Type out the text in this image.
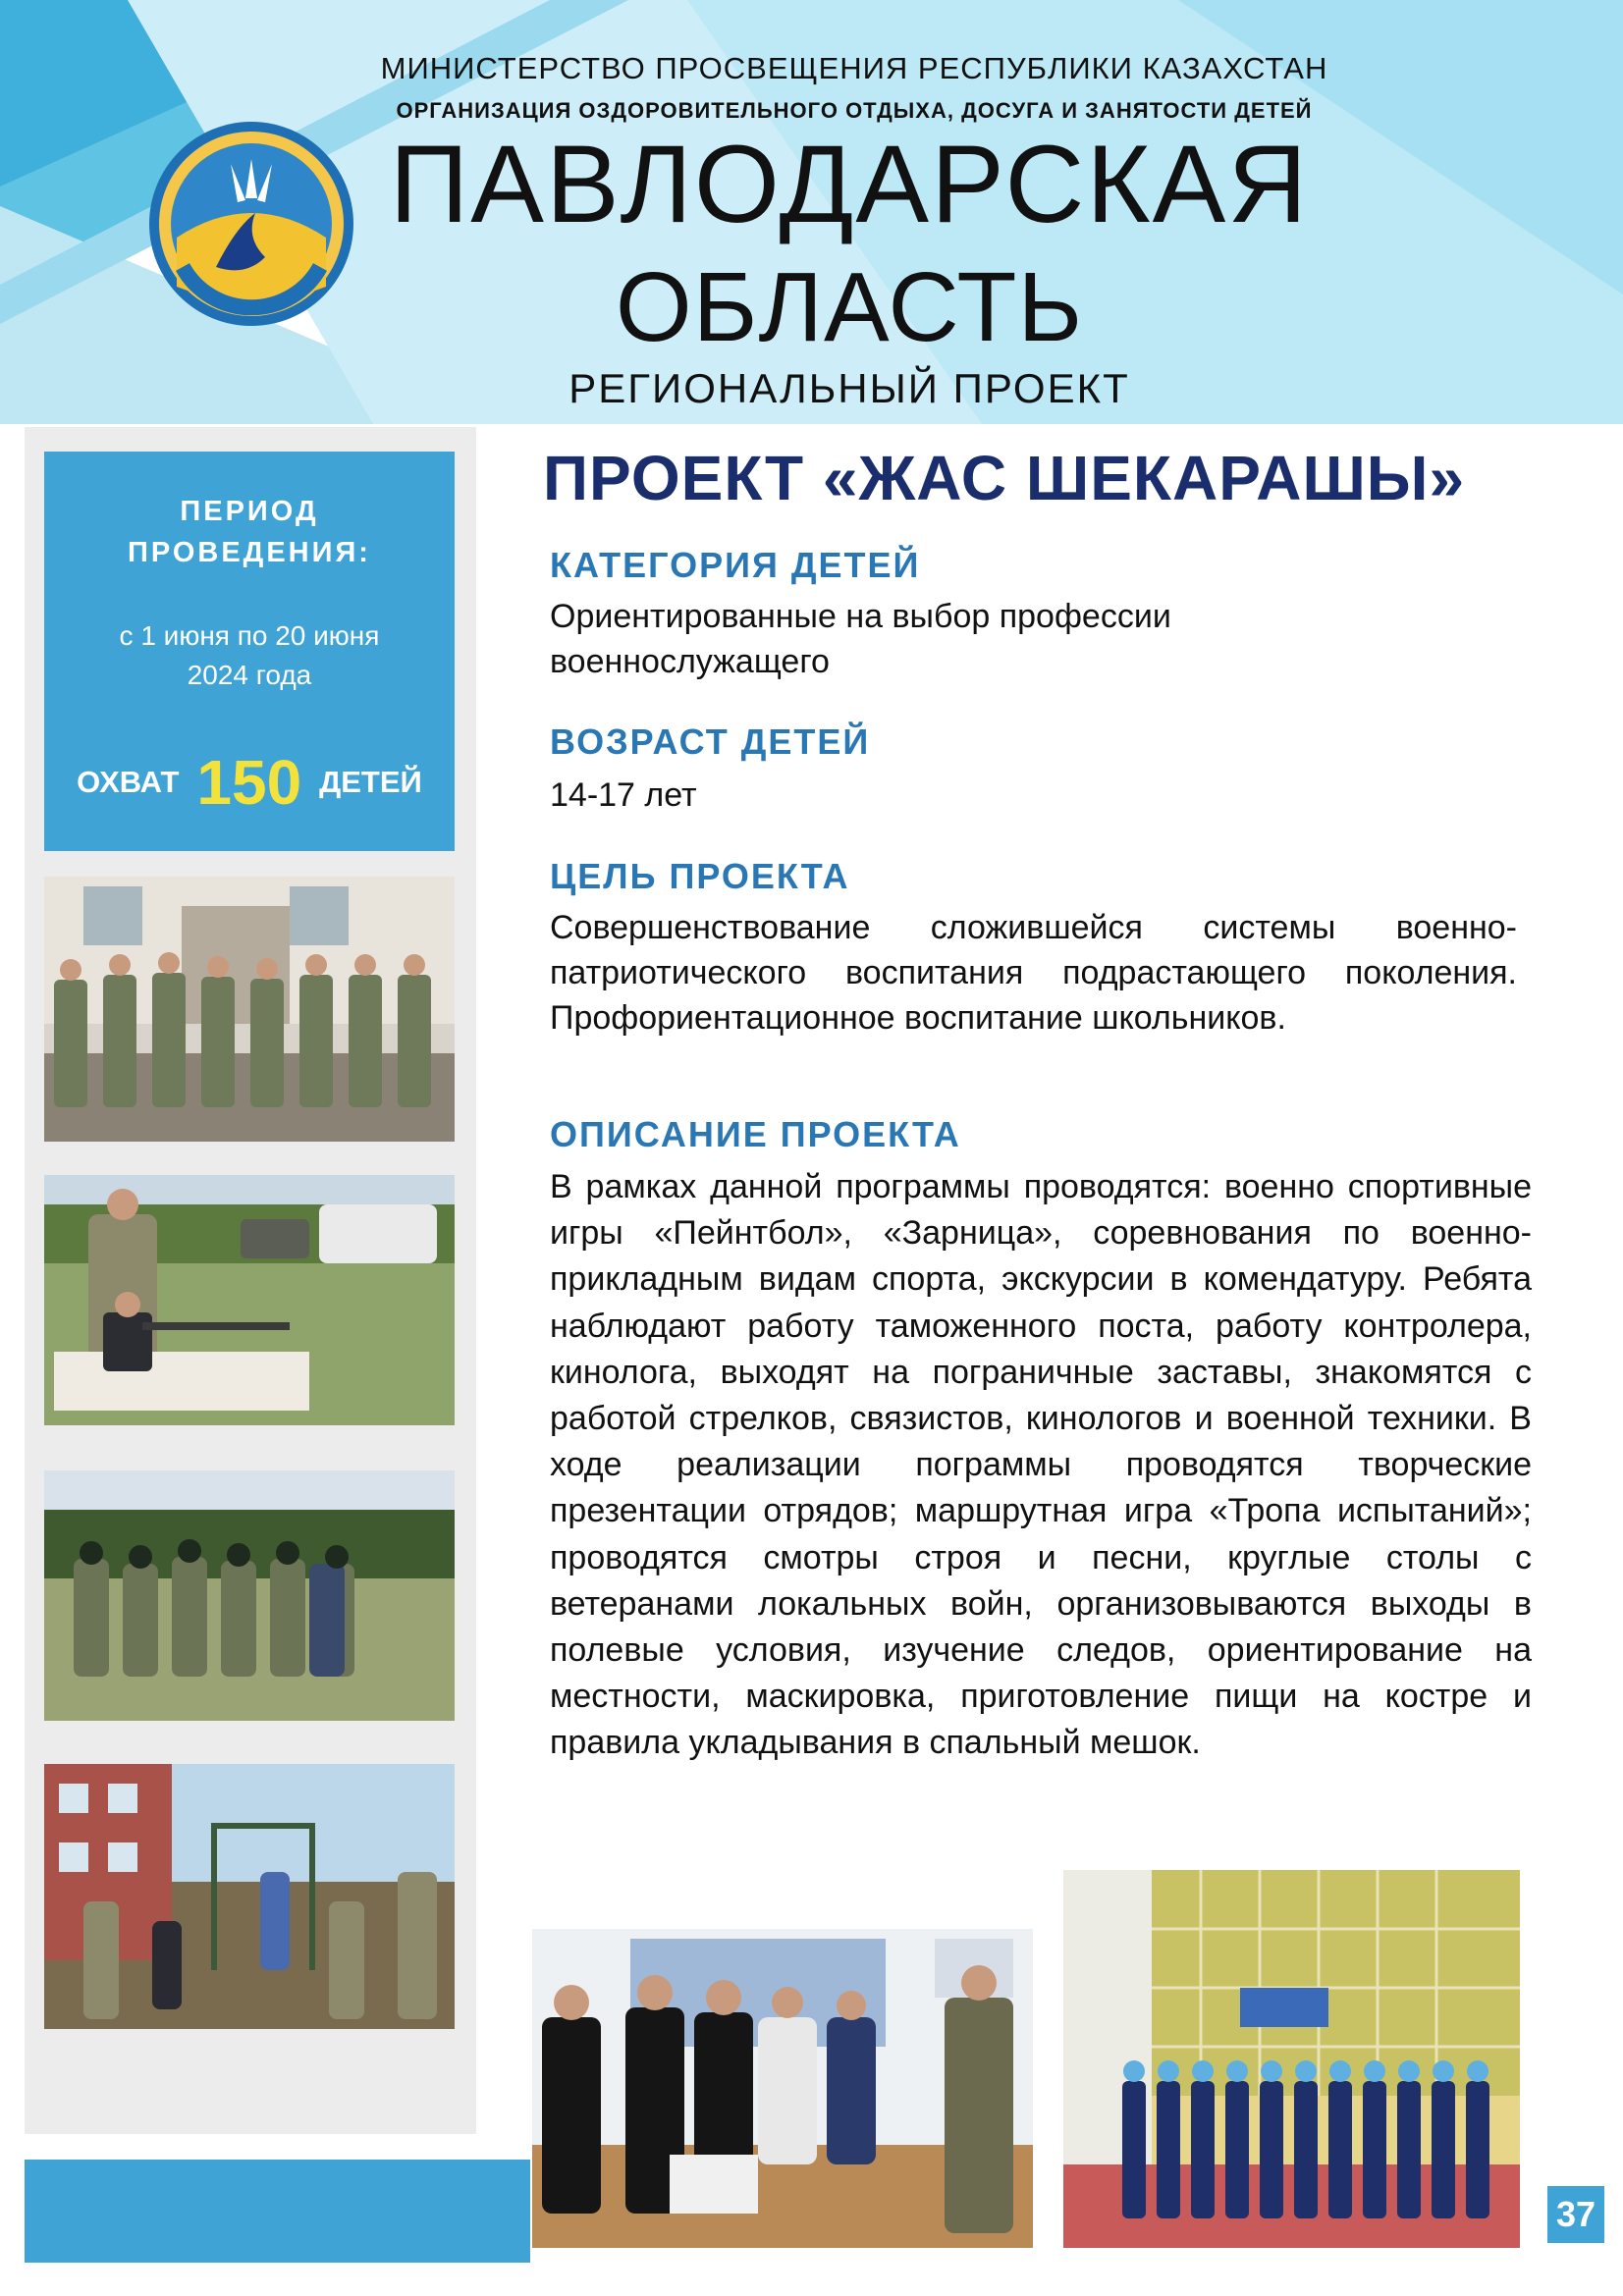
МИНИСТЕРСТВО ПРОСВЕЩЕНИЯ РЕСПУБЛИКИ КАЗАХСТАН
ОРГАНИЗАЦИЯ ОЗДОРОВИТЕЛЬНОГО ОТДЫХА, ДОСУГА И ЗАНЯТОСТИ ДЕТЕЙ
ПАВЛОДАРСКАЯ
ОБЛАСТЬ
РЕГИОНАЛЬНЫЙ ПРОЕКТ
ПЕРИОД
ПРОВЕДЕНИЯ:
с 1 июня по 20 июня
2024 года
ОХВАТ 150 ДЕТЕЙ
ПРОЕКТ «ЖАС ШЕКАРАШЫ»
КАТЕГОРИЯ ДЕТЕЙ
Ориентированные на выбор профессии военнослужащего
ВОЗРАСТ ДЕТЕЙ
14-17 лет
ЦЕЛЬ ПРОЕКТА
Совершенствование сложившейся системы военно-патриотического воспитания подрастающего поколения. Профориентационное воспитание школьников.
ОПИСАНИЕ ПРОЕКТА
В рамках данной программы проводятся: военно спортивные игры «Пейнтбол», «Зарница», соревнования по военно-прикладным видам спорта, экскурсии в комендатуру. Ребята наблюдают работу таможенного поста, работу контролера, кинолога, выходят на пограничные заставы, знакомятся с работой стрелков, связистов, кинологов и военной техники. В ходе реализации пограммы проводятся творческие презентации отрядов; маршрутная игра «Тропа испытаний»; проводятся смотры строя и песни, круглые столы с ветеранами локальных войн, организовываются выходы в полевые условия, изучение следов, ориентирование на местности, маскировка, приготовление пищи на костре и правила укладывания в спальный мешок.
37
